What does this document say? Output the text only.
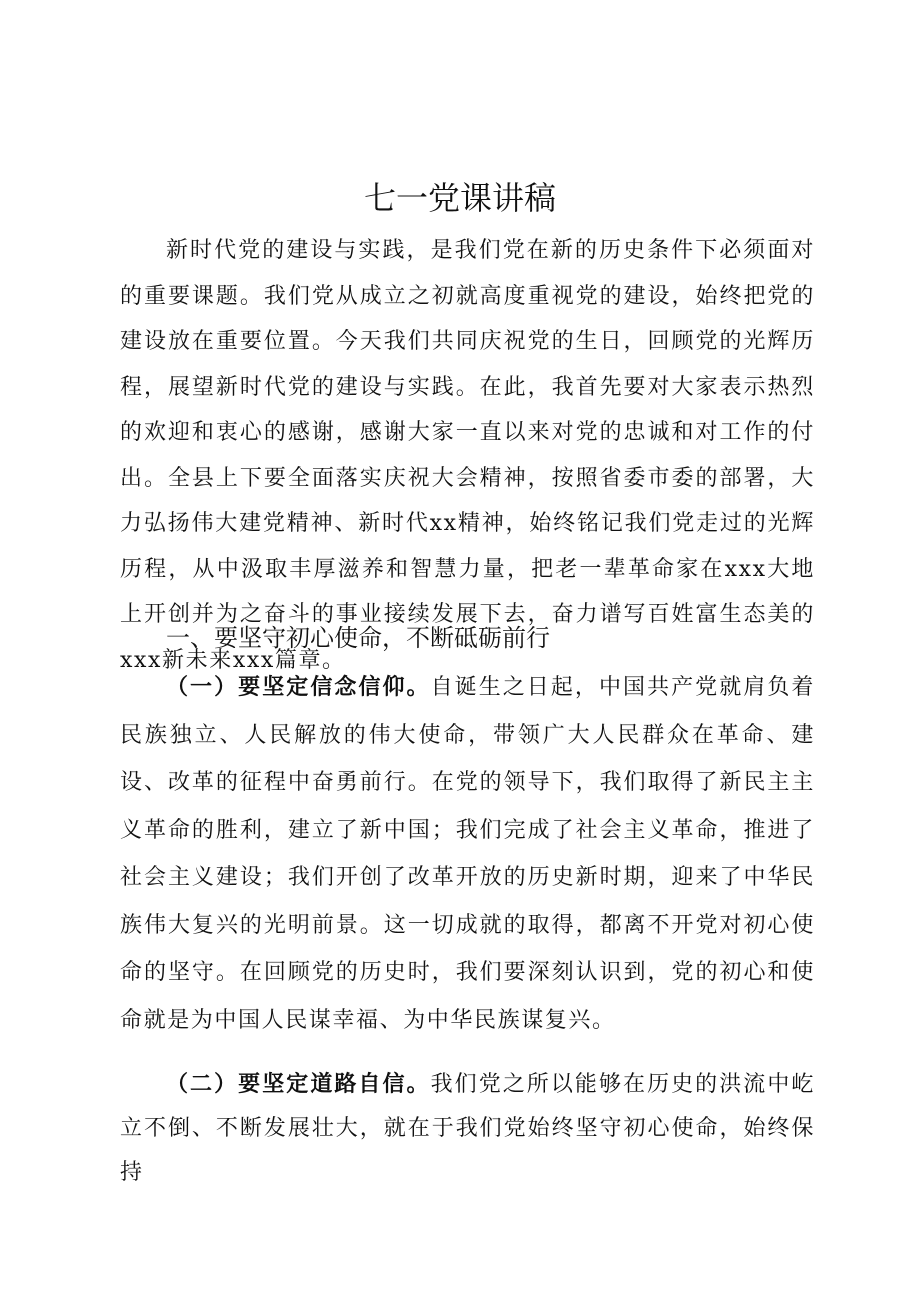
七一党课讲稿

新时代党的建设与实践，是我们党在新的历史条件下必须面对的重要课题。我们党从成立之初就高度重视党的建设，始终把党的建设放在重要位置。今天我们共同庆祝党的生日，回顾党的光辉历程，展望新时代党的建设与实践。在此，我首先要对大家表示热烈的欢迎和衷心的感谢，感谢大家一直以来对党的忠诚和对工作的付出。全县上下要全面落实庆祝大会精神，按照省委市委的部署，大力弘扬伟大建党精神、新时代xx精神，始终铭记我们党走过的光辉历程，从中汲取丰厚滋养和智慧力量，把老一辈革命家在xxx大地上开创并为之奋斗的事业接续发展下去，奋力谱写百姓富生态美的xxx新未来xxx篇章。

一、要坚守初心使命，不断砥砺前行

（一）要坚定信念信仰。自诞生之日起，中国共产党就肩负着民族独立、人民解放的伟大使命，带领广大人民群众在革命、建设、改革的征程中奋勇前行。在党的领导下，我们取得了新民主主义革命的胜利，建立了新中国；我们完成了社会主义革命，推进了社会主义建设；我们开创了改革开放的历史新时期，迎来了中华民族伟大复兴的光明前景。这一切成就的取得，都离不开党对初心使命的坚守。在回顾党的历史时，我们要深刻认识到，党的初心和使命就是为中国人民谋幸福、为中华民族谋复兴。

（二）要坚定道路自信。我们党之所以能够在历史的洪流中屹立不倒、不断发展壮大，就在于我们党始终坚守初心使命，始终保持
